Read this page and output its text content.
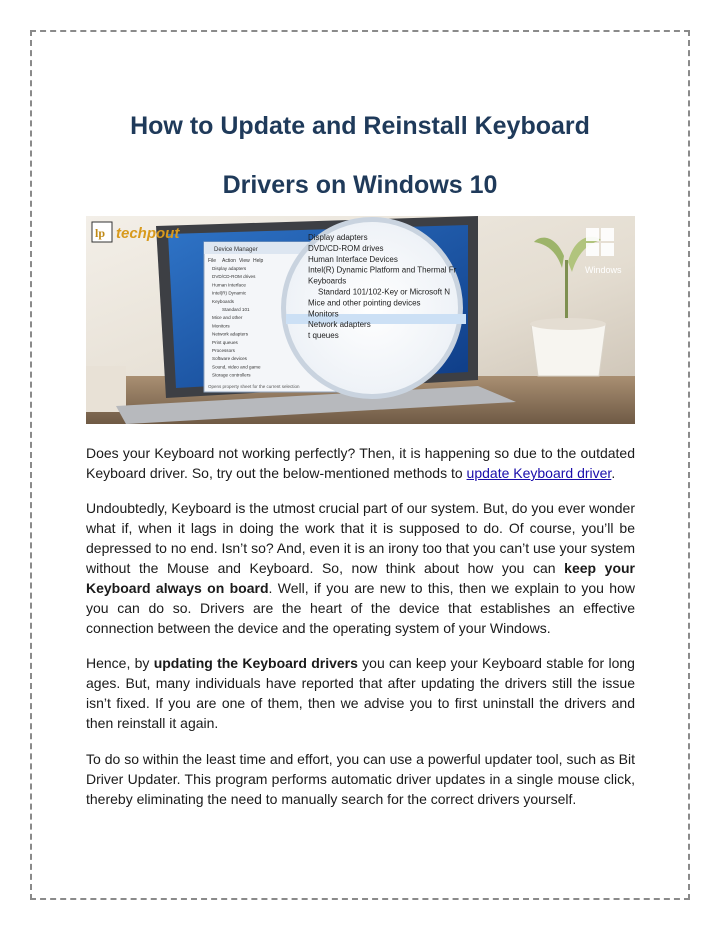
How to Update and Reinstall Keyboard
Drivers on Windows 10
Windows
Device Manager
File Action View Help
Display adapters
DVD/CD-ROM drives
Human Interface
Intel(R) Dynamic
Keyboards
Standard 101
Mice and other
Monitors
Network adapters
Print queues
Processors
Software devices
Sound, video and game
Storage controllers
Opens property sheet for the current selection
Display adapters
DVD/CD-ROM drives
Human Interface Devices
Intel(R) Dynamic Platform and Thermal Fr
Keyboards
Standard 101/102-Key or Microsoft N
Mice and other pointing devices
Monitors
Network adapters
t queues
lp techpout

Does your Keyboard not working perfectly? Then, it is happening so due to the outdated Keyboard driver. So, try out the below-mentioned methods to update Keyboard driver.

Undoubtedly, Keyboard is the utmost crucial part of our system. But, do you ever wonder what if, when it lags in doing the work that it is supposed to do. Of course, you’ll be depressed to no end. Isn’t so? And, even it is an irony too that you can’t use your system without the Mouse and Keyboard. So, now think about how you can keep your Keyboard always on board. Well, if you are new to this, then we explain to you how you can do so. Drivers are the heart of the device that establishes an effective connection between the device and the operating system of your Windows.

Hence, by updating the Keyboard drivers you can keep your Keyboard stable for long ages. But, many individuals have reported that after updating the drivers still the issue isn’t fixed. If you are one of them, then we advise you to first uninstall the drivers and then reinstall it again.

To do so within the least time and effort, you can use a powerful updater tool, such as Bit Driver Updater. This program performs automatic driver updates in a single mouse click, thereby eliminating the need to manually search for the correct drivers yourself.
